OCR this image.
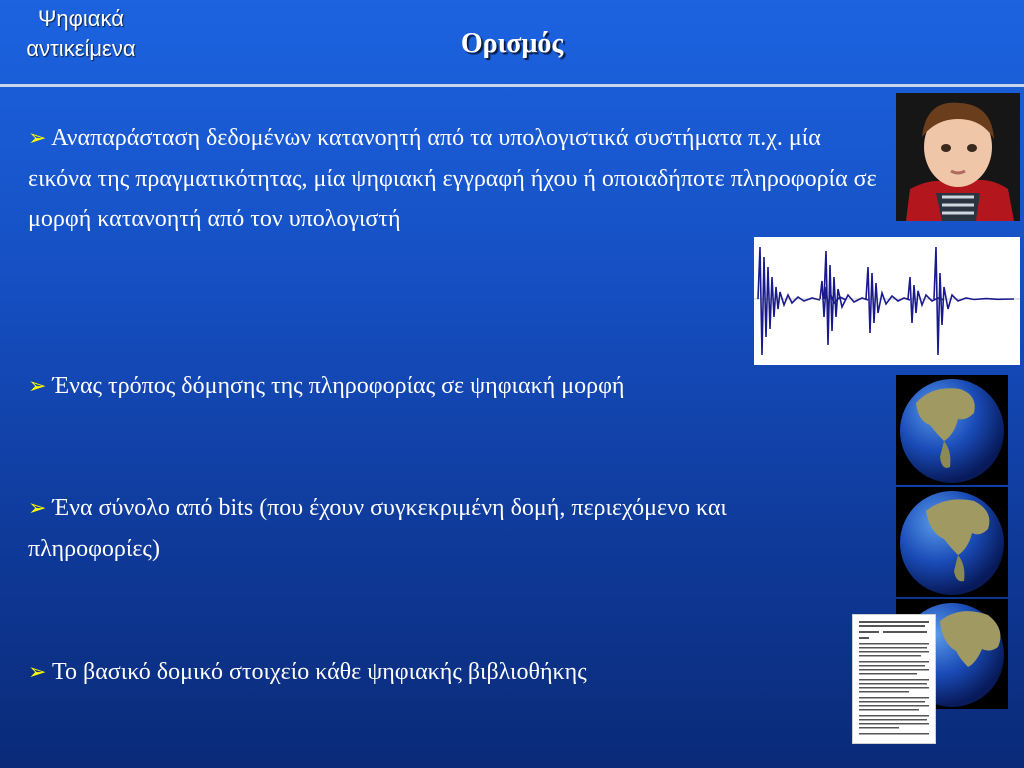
Ψηφιακά
αντικείμενα	Ορισμός
➢ Αναπαράσταση δεδομένων κατανοητή από τα υπολογιστικά συστήματα π.χ. μία εικόνα της πραγματικότητας, μία ψηφιακή εγγραφή ήχου ή οποιαδήποτε πληροφορία σε μορφή κατανοητή από τον υπολογιστή
➢ Ένας τρόπος δόμησης της πληροφορίας σε ψηφιακή μορφή
➢ Ένα σύνολο από bits (που έχουν συγκεκριμένη δομή, περιεχόμενο και πληροφορίες)
➢ Το βασικό δομικό στοιχείο κάθε ψηφιακής βιβλιοθήκης
